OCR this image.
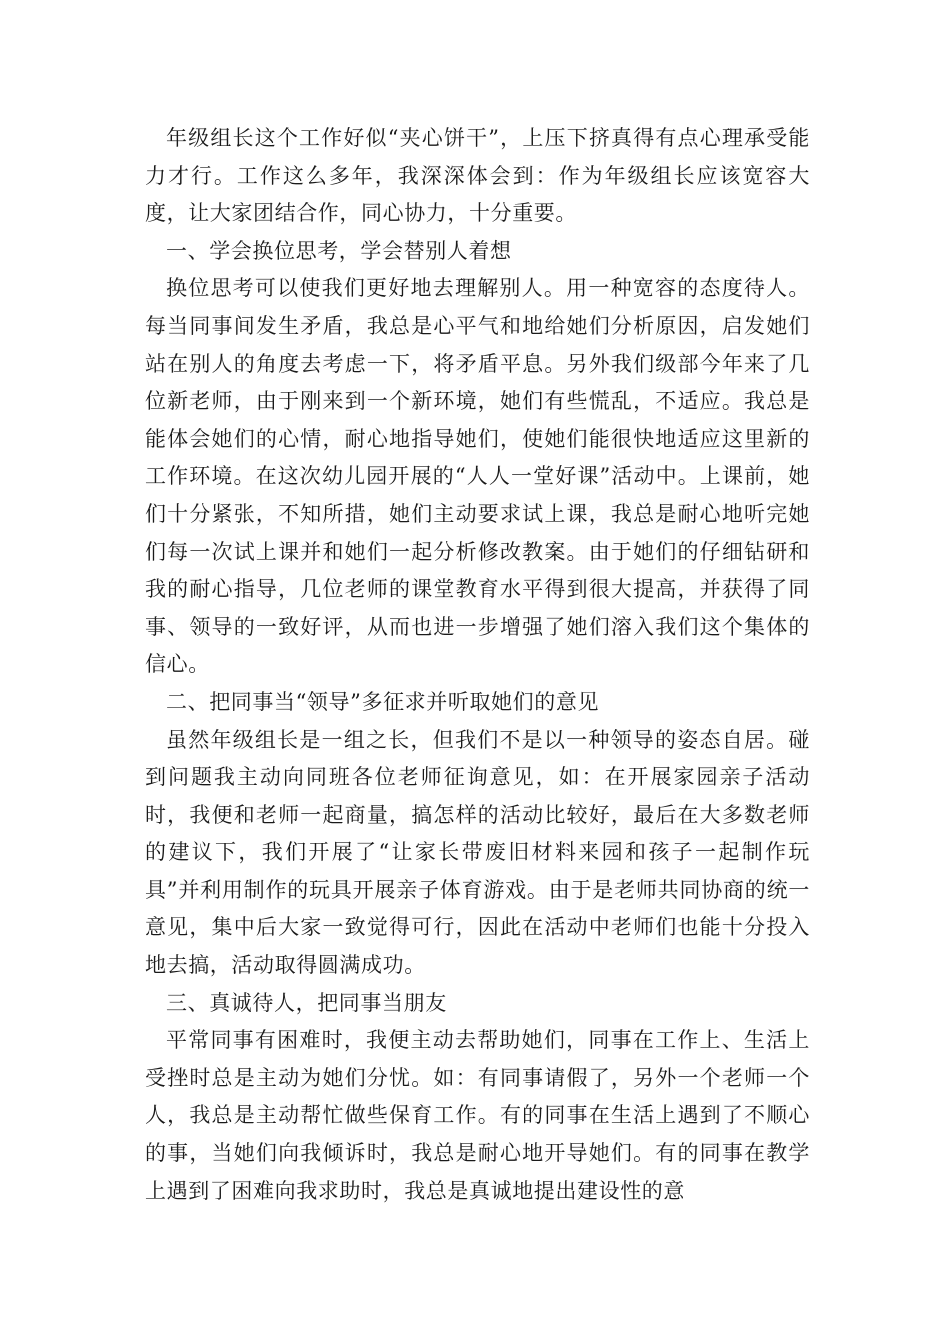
年级组长这个工作好似“夹心饼干”，上压下挤真得有点心理承受能力才行。工作这么多年，我深深体会到：作为年级组长应该宽容大度，让大家团结合作，同心协力，十分重要。

一、学会换位思考，学会替别人着想

换位思考可以使我们更好地去理解别人。用一种宽容的态度待人。每当同事间发生矛盾，我总是心平气和地给她们分析原因，启发她们站在别人的角度去考虑一下，将矛盾平息。另外我们级部今年来了几位新老师，由于刚来到一个新环境，她们有些慌乱，不适应。我总是能体会她们的心情，耐心地指导她们，使她们能很快地适应这里新的工作环境。在这次幼儿园开展的“人人一堂好课”活动中。上课前，她们十分紧张，不知所措，她们主动要求试上课，我总是耐心地听完她们每一次试上课并和她们一起分析修改教案。由于她们的仔细钻研和我的耐心指导，几位老师的课堂教育水平得到很大提高，并获得了同事、领导的一致好评，从而也进一步增强了她们溶入我们这个集体的信心。

二、把同事当“领导”多征求并听取她们的意见

虽然年级组长是一组之长，但我们不是以一种领导的姿态自居。碰到问题我主动向同班各位老师征询意见，如：在开展家园亲子活动时，我便和老师一起商量，搞怎样的活动比较好，最后在大多数老师的建议下，我们开展了“让家长带废旧材料来园和孩子一起制作玩具”并利用制作的玩具开展亲子体育游戏。由于是老师共同协商的统一意见，集中后大家一致觉得可行，因此在活动中老师们也能十分投入地去搞，活动取得圆满成功。

三、真诚待人，把同事当朋友

平常同事有困难时，我便主动去帮助她们，同事在工作上、生活上受挫时总是主动为她们分忧。如：有同事请假了，另外一个老师一个人，我总是主动帮忙做些保育工作。有的同事在生活上遇到了不顺心的事，当她们向我倾诉时，我总是耐心地开导她们。有的同事在教学上遇到了困难向我求助时，我总是真诚地提出建设性的意
